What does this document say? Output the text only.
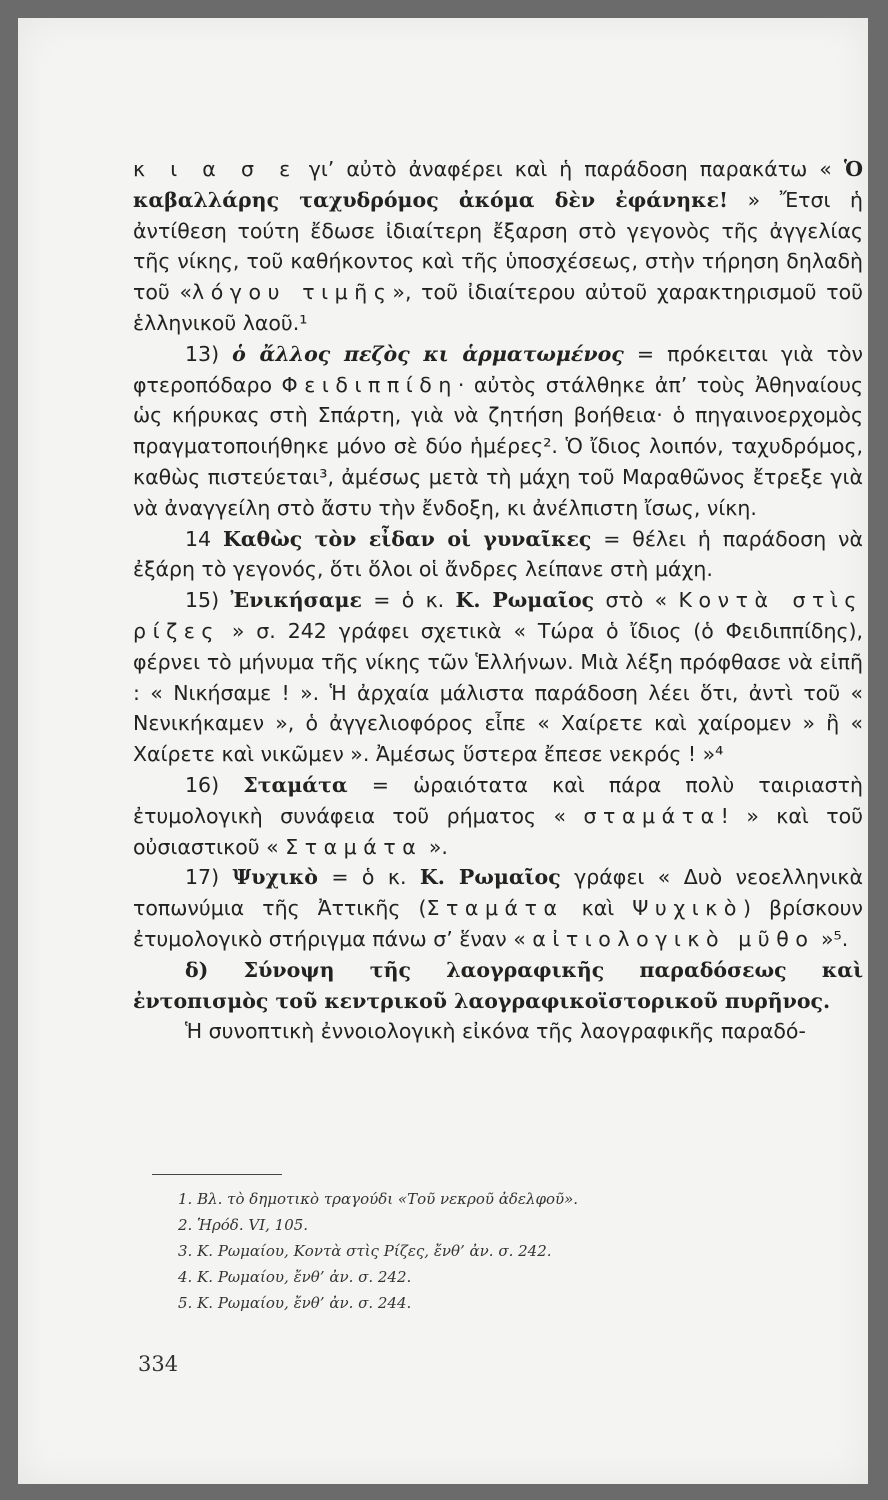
κ ι α σ ε γι’ αὐτὸ ἀναφέρει καὶ ἡ παράδοση παρακάτω « Ὁ καβαλλάρης ταχυδρόμος ἀκόμα δὲν ἐφάνηκε! » Ἔτσι ἡ ἀντίθεση τούτη ἔδωσε ἰδιαίτερη ἔξαρση στὸ γεγονὸς τῆς ἀγγελίας τῆς νίκης, τοῦ καθήκοντος καὶ τῆς ὑποσχέσεως, στὴν τήρηση δηλαδὴ τοῦ «λόγου τιμῆς», τοῦ ἰδιαίτερου αὐτοῦ χαρακτηρισμοῦ τοῦ ἑλληνικοῦ λαοῦ.¹

13) ὁ ἄλλος πεζὸς κι ἁρματωμένος = πρόκειται γιὰ τὸν φτεροπόδαρο Φειδιππίδη· αὐτὸς στάλθηκε ἀπ’ τοὺς Ἀθηναίους ὡς κήρυκας στὴ Σπάρτη, γιὰ νὰ ζητήση βοήθεια· ὁ πηγαινοερχομὸς πραγματοποιήθηκε μόνο σὲ δύο ἡμέρες². Ὁ ἴδιος λοιπόν, ταχυδρόμος, καθὼς πιστεύεται³, ἀμέσως μετὰ τὴ μάχη τοῦ Μαραθῶνος ἔτρεξε γιὰ νὰ ἀναγγείλη στὸ ἄστυ τὴν ἔνδοξη, κι ἀνέλπιστη ἴσως, νίκη.

14 Καθὼς τὸν εἶδαν οἱ γυναῖκες = θέλει ἡ παράδοση νὰ ἐξάρη τὸ γεγονός, ὅτι ὅλοι οἱ ἄνδρες λείπανε στὴ μάχη.

15) Ἐνικήσαμε = ὁ κ. Κ. Ρωμαῖος στὸ « Κοντὰ στὶς ρίζες » σ. 242 γράφει σχετικὰ « Τώρα ὁ ἴδιος (ὁ Φειδιππίδης), φέρνει τὸ μήνυμα τῆς νίκης τῶν Ἑλλήνων. Μιὰ λέξη πρόφθασε νὰ εἰπῆ : « Νικήσαμε ! ». Ἡ ἀρχαία μάλιστα παράδοση λέει ὅτι, ἀντὶ τοῦ « Νενικήκαμεν », ὁ ἀγγελιοφόρος εἶπε « Χαίρετε καὶ χαίρομεν » ἢ « Χαίρετε καὶ νικῶμεν ». Ἀμέσως ὕστερα ἔπεσε νεκρός ! »⁴

16) Σταμάτα = ὡραιότατα καὶ πάρα πολὺ ταιριαστὴ ἐτυμολογικὴ συνάφεια τοῦ ρήματος « σταμάτα! » καὶ τοῦ οὐσιαστικοῦ « Σταμάτα ».

17) Ψυχικὸ = ὁ κ. Κ. Ρωμαῖος γράφει « Δυὸ νεοελληνικὰ τοπωνύμια τῆς Ἀττικῆς (Σταμάτα καὶ Ψυχικὸ) βρίσκουν ἐτυμολογικὸ στήριγμα πάνω σ’ ἕναν « αἰτιολογικὸ μῦθο »⁵.

δ) Σύνοψη τῆς λαογραφικῆς παραδόσεως καὶ ἐντοπισμὸς τοῦ κεντρικοῦ λαογραφικοϊστορικοῦ πυρῆνος.

Ἡ συνοπτικὴ ἐννοιολογικὴ εἰκόνα τῆς λαογραφικῆς παραδό-

1. Βλ. τὸ δημοτικὸ τραγούδι «Τοῦ νεκροῦ ἀδελφοῦ».
2. Ἡρόδ. VI, 105.
3. Κ. Ρωμαίου, Κοντὰ στὶς Ρίζες, ἔνθ’ ἀν. σ. 242.
4. Κ. Ρωμαίου, ἔνθ’ ἀν. σ. 242.
5. Κ. Ρωμαίου, ἔνθ’ ἀν. σ. 244.
334
